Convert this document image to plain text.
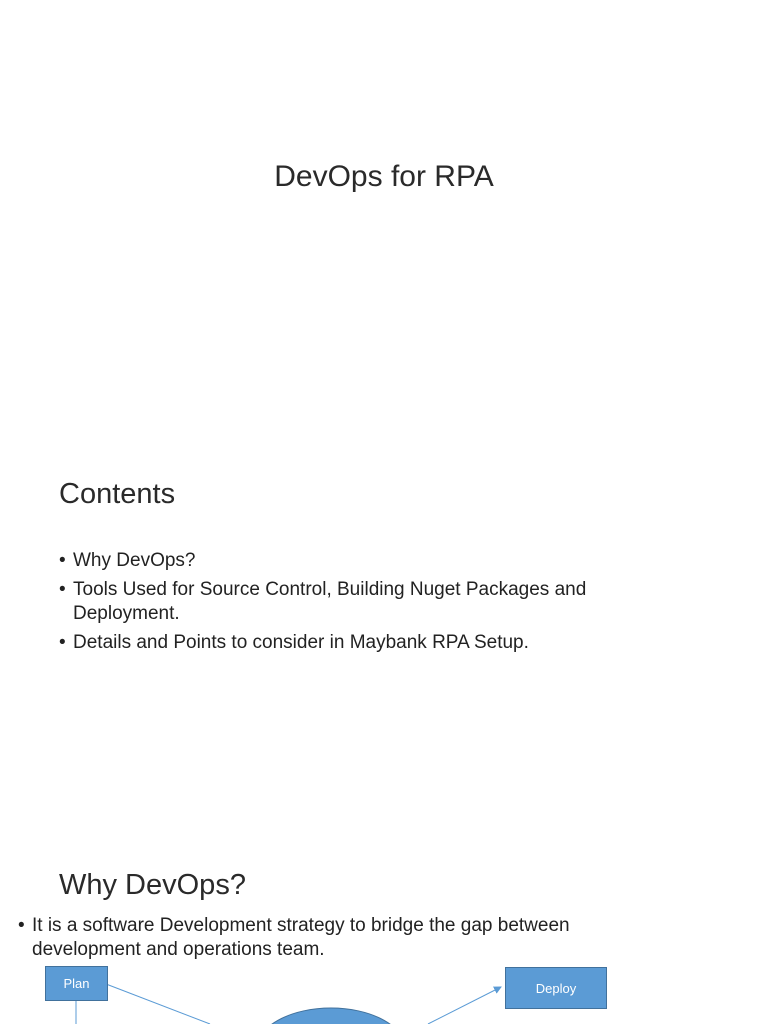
DevOps for RPA
Contents
• Why DevOps?
• Tools Used for Source Control, Building Nuget Packages and Deployment.
• Details and Points to consider in Maybank RPA Setup.
Why DevOps?
• It is a software Development strategy to bridge the gap between development and operations team.
Plan	Deploy
